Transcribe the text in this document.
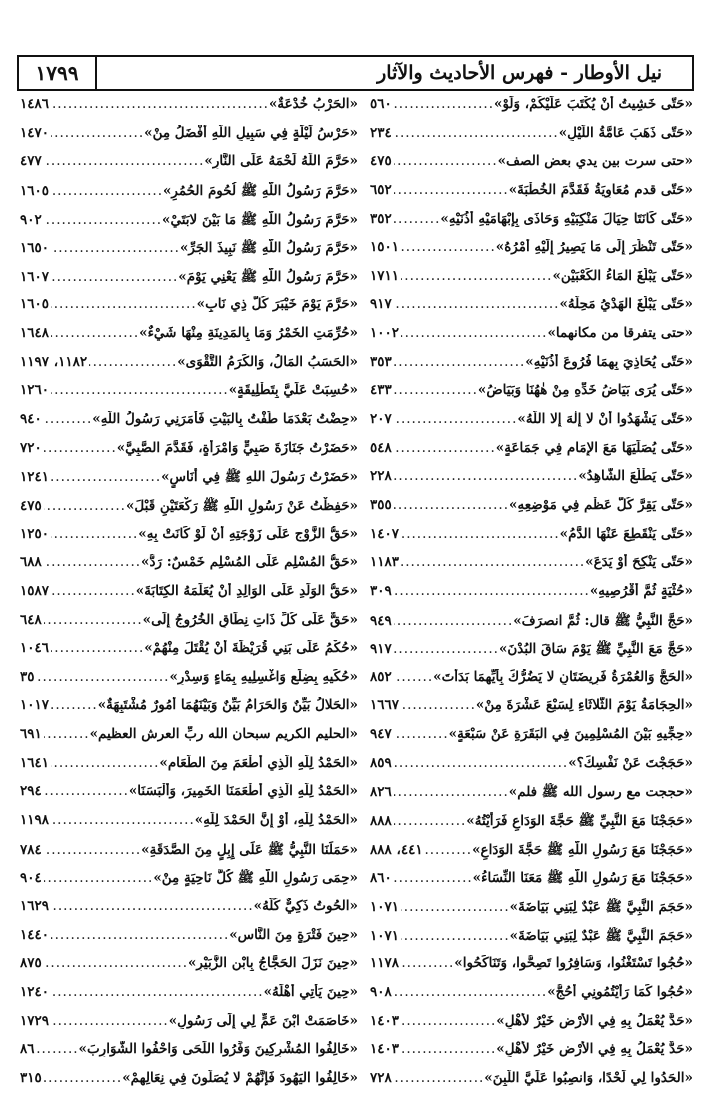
نيل الأوطار - فهرس الأحاديث والآثار
١٧٩٩
«حَتّى خَشِيتُ أَنْ يُكْتَبَ عَلَيْكُمْ، وَلَوْ»
.....
٥٦٠
«حَتّى ذَهَبَ عَامَّةُ اللَّيْلِ»
.....
٢٣٤
«حتى سرت بين يدي بعض الصف»
.....
٤٧٥
«حَتّى قدم مُعَاوِيَةُ فَقَدَّمَ الخُطْبَةَ»
.....
٦٥٢
«حَتّى كَانَتَا حِيَالَ مَنْكِبَيْهِ وَحَاذَى بِإِبْهَامَيْهِ أُذُنَيْهِ»
.....
٣٥٢
«حَتّى تَنْظُرَ إِلَى مَا يَصِيرُ إِلَيْهِ أَمْرُهُ»
.....
١٥٠١
«حَتّى يَبْلُغَ المَاءُ الكَعْبَيْنِ»
.....
١٧١١
«حَتّى يَبْلُغَ الهَدْيُ مَحِلَّهُ»
.....
٩١٧
«حتى يتفرقا من مكانهما»
.....
١٠٠٢
«حَتّى يُحَاذِيَ بِهِمَا فُرُوعَ أُذُنَيْهِ»
.....
٣٥٣
«حَتّى يُرَى بَيَاضُ خَدِّهِ مِنْ هٰهُنَا وَبَيَاضُ»
.....
٤٣٣
«حَتّى يَشْهَدُوا أَنْ لا إِلٰهَ إِلا اللَّهُ»
.....
٢٠٧
«حَتّى يُصَلِّيَهَا مَعَ الإِمَامِ فِي جَمَاعَةٍ»
.....
٥٤٨
«حَتّى يَطْلُعَ الشَّاهِدُ»
.....
٢٢٨
«حَتّى يَقِرَّ كُلُّ عَظْمٍ فِي مَوْضِعِهِ»
.....
٣٥٥
«حَتّى يَنْقَطِعَ عَنْهَا الدَّمُ»
.....
١٤٠٧
«حَتّى يَنْكِحَ أَوْ يَدَعَ»
.....
١١٨٣
«حُثْيَةٍ ثُمَّ أَقْرُصِيهِ»
.....
٣٠٩
«حَجَّ النَّبِيُّ ﷺ قال: ثُمَّ انصرَفَ»
.....
٩٤٩
«حَجَّ مَعَ النَّبِيِّ ﷺ يَوْمَ سَاقَ البُدْنَ»
.....
٩١٧
«الحَجُّ وَالعُمْرَةُ فَرِيضَتَانِ لا يَضُرُّكَ بِأَيِّهِمَا بَدَأْتَ»
.....
٨٥٢
«الحِجَامَةُ يَوْمَ الثُّلاثَاءِ لِسَبْعَ عَشْرَةَ مِنْ»
.....
١٦٦٧
«حِجِّيهِ بَيْنَ المُسْلِمِينَ فِي البَقَرَةِ عَنْ سَبْعَةٍ»
.....
٩٤٧
«حَجَجْتَ عَنْ نَفْسِكَ؟»
.....
٨٥٩
«حججت مع رسول الله ﷺ فلم»
.....
٨٢٦
«حَجَجْنَا مَعَ النَّبِيِّ ﷺ حَجَّةَ الوَدَاعِ فَرَأَيْتُهُ»
.....
٨٨٨
«حَجَجْنَا مَعَ رَسُولِ اللَّهِ ﷺ حَجَّةَ الوَدَاعِ»
.....
٤٤١، ٨٨٨
«حَجَجْنَا مَعَ رَسُولِ اللَّهِ ﷺ مَعَنَا النِّسَاءُ»
.....
٨٦٠
«حَجَمَ النَّبِيَّ ﷺ عَبْدٌ لِبَنِي بَيَاضَةَ»
.....
١٠٧١
«حَجَمَ النَّبِيَّ ﷺ عَبْدٌ لِبَنِي بَيَاضَةَ»
.....
١٠٧١
«حُجُوا تَسْتَغْنُوا، وَسَافِرُوا تَصِحُّوا، وَتَنَاكَحُوا»
.....
١١٧٨
«حُجُوا كَمَا رَأَيْتُمُونِي أَحُجُّ»
.....
٩٠٨
«حَدٌّ يُعْمَلُ بِهِ فِي الأَرْضِ خَيْرٌ لأَهْلِ»
.....
١٤٠٣
«حَدٌّ يُعْمَلُ بِهِ فِي الأَرْضِ خَيْرٌ لأَهْلِ»
.....
١٤٠٣
«الحَدُوا لِي لَحْدًا، وَانصِبُوا عَلَيَّ اللَّبِنَ»
.....
٧٢٨
«الحَرْبُ خُدْعَةٌ»
.....
١٤٨٦
«حَرْسُ لَيْلَةٍ فِي سَبِيلِ اللَّهِ أَفْضَلُ مِنْ»
.....
١٤٧٠
«حَرَّمَ اللَّهُ لَحْمَهُ عَلَى النَّارِ»
.....
٤٧٧
«حَرَّمَ رَسُولُ اللَّهِ ﷺ لُحُومَ الحُمُرِ»
.....
١٦٠٥
«حَرَّمَ رَسُولُ اللَّهِ ﷺ مَا بَيْنَ لابَتَيْ»
.....
٩٠٢
«حَرَّمَ رَسُولُ اللَّهِ ﷺ نَبِيذَ الجَرِّ»
.....
١٦٥٠
«حَرَّمَ رَسُولُ اللَّهِ ﷺ يَعْنِي يَوْمَ»
.....
١٦٠٧
«حَرَّمَ يَوْمَ خَيْبَرَ كُلَّ ذِي نَابٍ»
.....
١٦٠٥
«حُرِّمَتِ الخَمْرُ وَمَا بِالمَدِينَةِ مِنْهَا شَيْءٌ»
.....
١٦٤٨
«الحَسَبُ المَالُ، وَالكَرَمُ التَّقْوَى»
.....
١١٨٢، ١١٩٧
«حُسِبَتْ عَلَيَّ بِتَطْلِيقَةٍ»
.....
١٢٦٠
«حِضْتُ بَعْدَمَا طُفْتُ بِالبَيْتِ فَأَمَرَنِي رَسُولُ اللَّهِ»
.....
٩٤٠
«حَضَرْتُ جَنَازَةَ صَبِيٍّ وَامْرَأَةٍ، فَقَدَّمَ الصَّبِيَّ»
.....
٧٢٠
«حَضَرْتُ رَسُولَ اللهِ ﷺ فِي أُنَاسٍ»
.....
١٢٤١
«حَفِظْتُ عَنْ رَسُولِ اللَّهِ ﷺ رَكْعَتَيْنِ قَبْلَ»
.....
٤٧٥
«حَقُّ الزَّوْجِ عَلَى زَوْجَتِهِ أَنْ لَوْ كَانَتْ بِهِ»
.....
١٢٥٠
«حَقُّ المُسْلِمِ عَلَى المُسْلِمِ خَمْسٌ: رَدُّ»
.....
٦٨٨
«حَقُّ الوَلَدِ عَلَى الوَالِدِ أَنْ يُعَلِّمَهُ الكِتَابَةَ»
.....
١٥٨٧
«حَقٌّ عَلَى كُلِّ ذَاتِ نِطَاقٍ الخُرُوجُ إِلَى»
.....
٦٤٨
«حُكْمُ عَلَى بَنِي قُرَيْظَةَ أَنْ يُقْتَلَ مِنْهُمْ»
.....
١٠٤٦
«حُكِّيهِ بِضِلَعٍ وَاغْسِلِيهِ بِمَاءٍ وَسِدْرٍ»
.....
٣٥
«الحَلالُ بَيِّنٌ وَالحَرَامُ بَيِّنٌ وَبَيْنَهُمَا أُمُورٌ مُشْتَبِهَةٌ»
.....
١٠١٧
«الحليم الكريم سبحان الله ربِّ العرش العظيم»
.....
٦٩١
«الحَمْدُ لِلَّهِ الَّذِي أَطْعَمَ مِنَ الطَّعَامِ»
.....
١٦٤١
«الحَمْدُ لِلَّهِ الَّذِي أَطْعَمَنَا الخَمِيرَ، وَأَلْبَسَنَا»
.....
٢٩٤
«الحَمْدُ لِلَّهِ، أَوْ إِنَّ الحَمْدَ لِلَّهِ»
.....
١١٩٨
«حَمَلَنَا النَّبِيُّ ﷺ عَلَى إِبِلٍ مِنَ الصَّدَقَةِ»
.....
٧٨٤
«حِمَى رَسُولِ اللَّهِ ﷺ كُلَّ نَاحِيَةٍ مِنْ»
.....
٩٠٤
«الحُوتُ ذَكِيٌّ كُلُّهُ»
.....
١٦٢٩
«حِينَ فَتْرَةٍ مِنَ النَّاسِ»
.....
١٤٤٠
«حِينَ نَزَلَ الحَجَّاجُ بِابْنِ الزُّبَيْرِ»
.....
٨٧٥
«حِينَ يَأْتِي أَهْلَهُ»
.....
١٢٤٠
«خَاصَمَتْ ابْنَ عَمٍّ لِي إِلَى رَسُولِ»
.....
١٧٢٩
«خَالِفُوا المُشْرِكِينَ وَفِّرُوا اللِّحَى وَاحْفُوا الشَّوَارِبَ»
.....
٨٦
«خَالِفُوا اليَهُودَ فَإِنَّهُمْ لا يُصَلُّونَ فِي نِعَالِهِمْ»
.....
٣١٥
